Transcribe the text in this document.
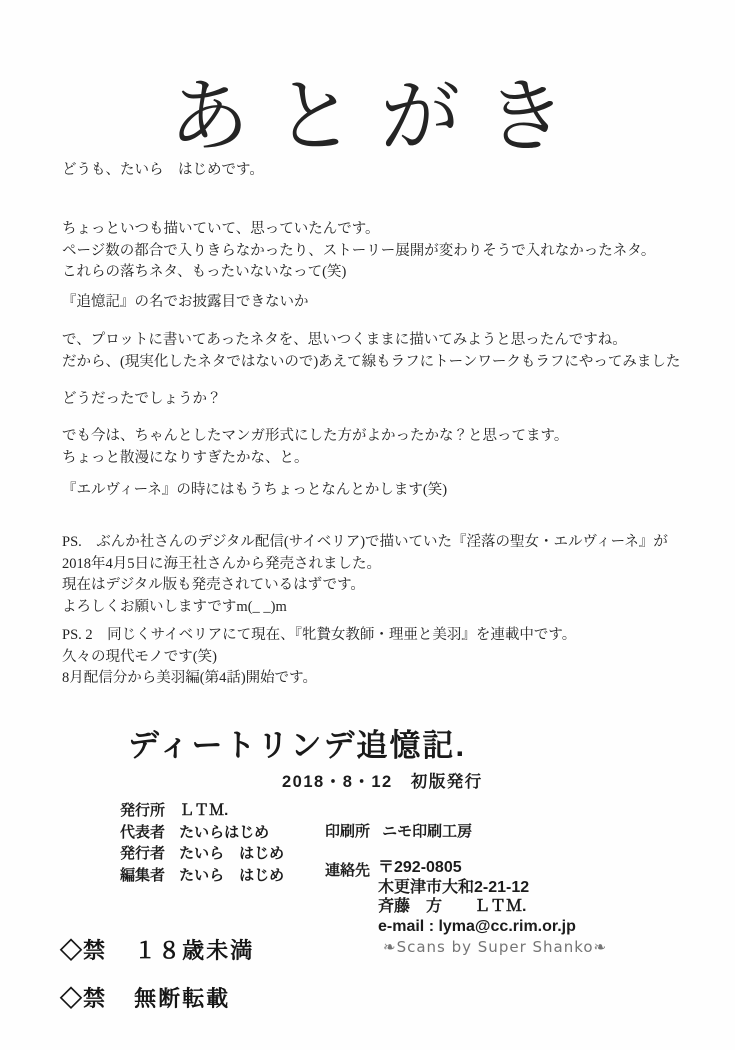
あとがき
どうも、たいら　はじめです。
ちょっといつも描いていて、思っていたんです。
ページ数の都合で入りきらなかったり、ストーリー展開が変わりそうで入れなかったネタ。
これらの落ちネタ、もったいないなって(笑)
『追憶記』の名でお披露目できないか
で、プロットに書いてあったネタを、思いつくままに描いてみようと思ったんですね。
だから、(現実化したネタではないので)あえて線もラフにトーンワークもラフにやってみました
どうだったでしょうか？
でも今は、ちゃんとしたマンガ形式にした方がよかったかな？と思ってます。
ちょっと散漫になりすぎたかな、と。
『エルヴィーネ』の時にはもうちょっとなんとかします(笑)
PS.　ぶんか社さんのデジタル配信(サイベリア)で描いていた『淫落の聖女・エルヴィーネ』が
2018年4月5日に海王社さんから発売されました。
現在はデジタル版も発売されているはずです。
よろしくお願いしますですm(_ _)m
PS. 2　同じくサイベリアにて現在、『牝贄女教師・理亜と美羽』を連載中です。
久々の現代モノです(笑)
8月配信分から美羽編(第4話)開始です。
ディートリンデ追憶記.
2018・8・12　初版発行
発行所 ＬＴＭ.
代表者 たいらはじめ
発行者 たいら　はじめ
編集者 たいら　はじめ
印刷所 ニモ印刷工房
連絡先 〒292-0805
木更津市大和2-21-12
斉藤　方　　ＬＴＭ.
e-mail : lyma@cc.rim.or.jp
❧Scans by Super Shanko❧
◇禁 １８歳未満
◇禁 無断転載
